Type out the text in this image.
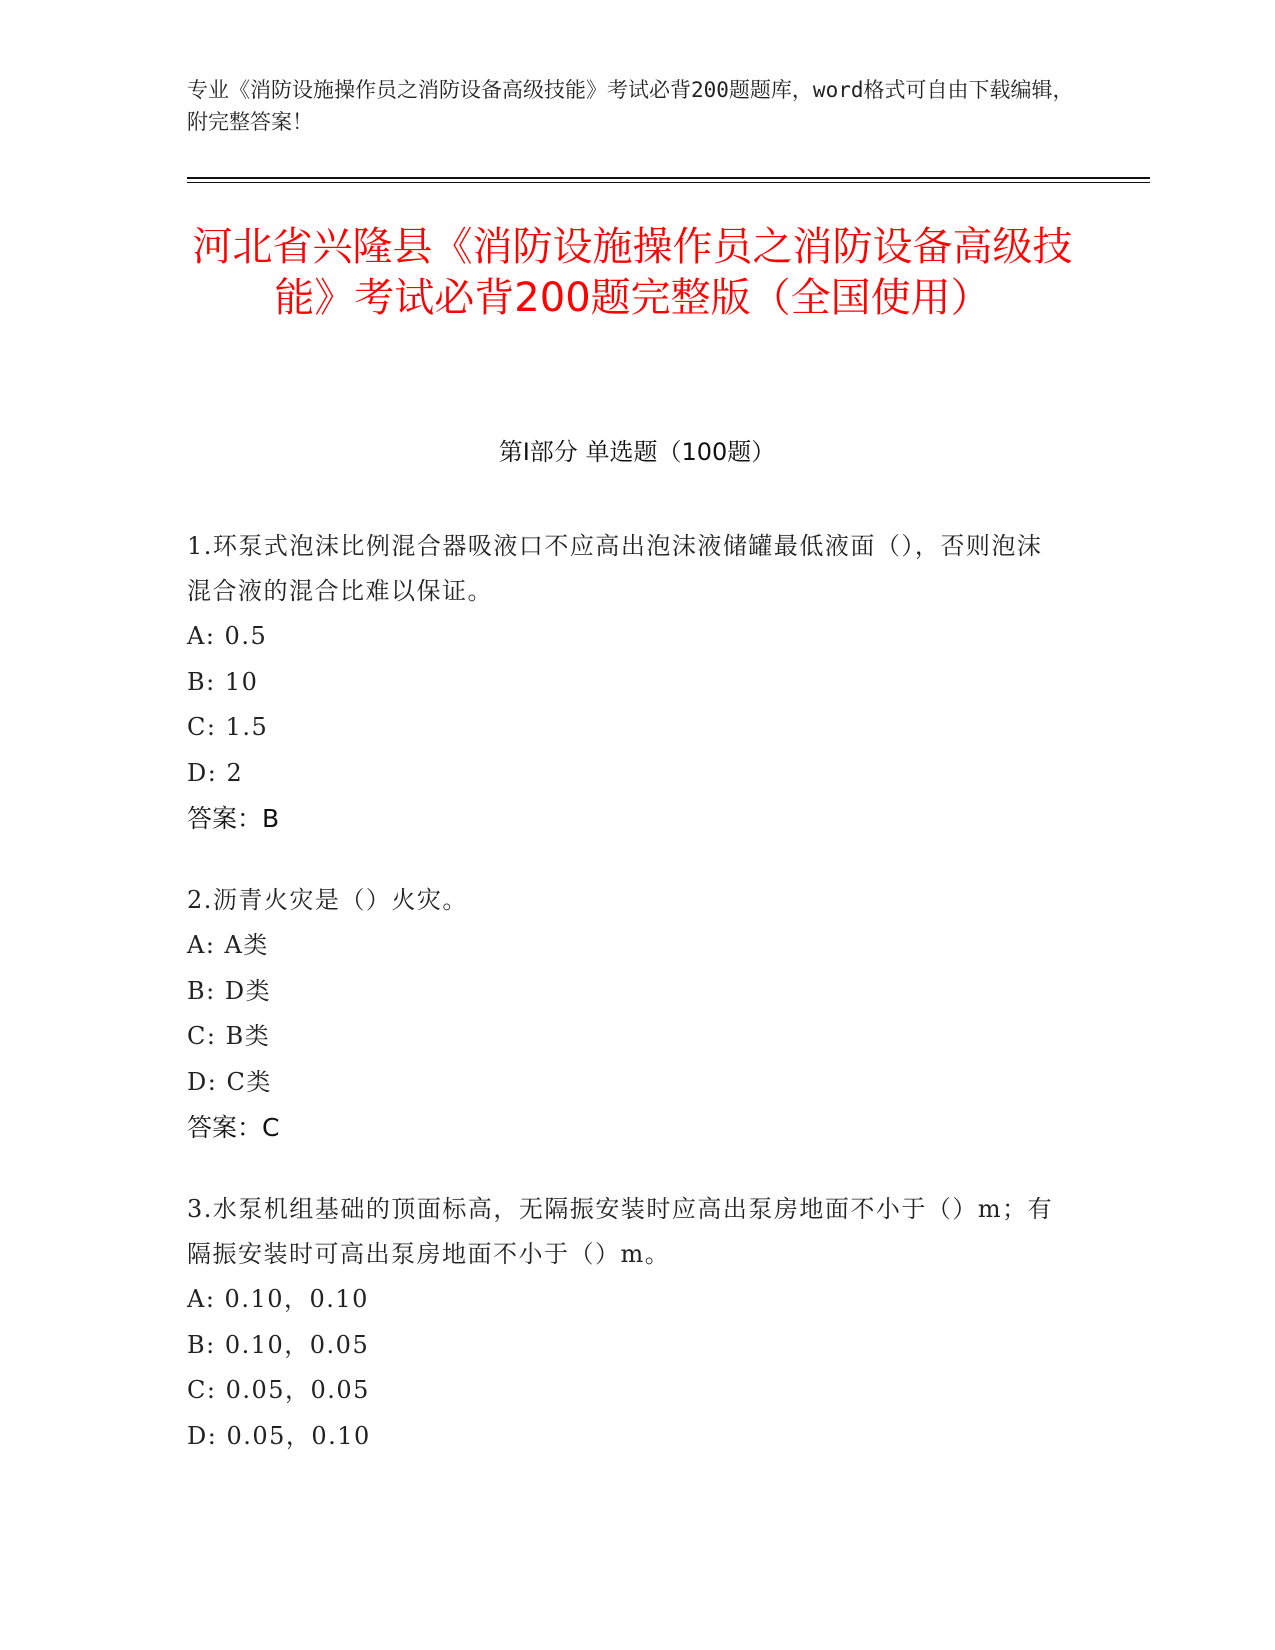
专业《消防设施操作员之消防设备高级技能》考试必背200题题库，word格式可自由下载编辑，附完整答案！
河北省兴隆县《消防设施操作员之消防设备高级技能》考试必背200题完整版（全国使用）
第I部分 单选题（100题）
1.环泵式泡沫比例混合器吸液口不应高出泡沫液储罐最低液面（），否则泡沫混合液的混合比难以保证。
A: 0.5
B: 10
C: 1.5
D: 2
答案：B
2.沥青火灾是（）火灾。
A: A类
B: D类
C: B类
D: C类
答案：C
3.水泵机组基础的顶面标高，无隔振安装时应高出泵房地面不小于（）m；有隔振安装时可高出泵房地面不小于（）m。
A: 0.10，0.10
B: 0.10，0.05
C: 0.05，0.05
D: 0.05，0.10
